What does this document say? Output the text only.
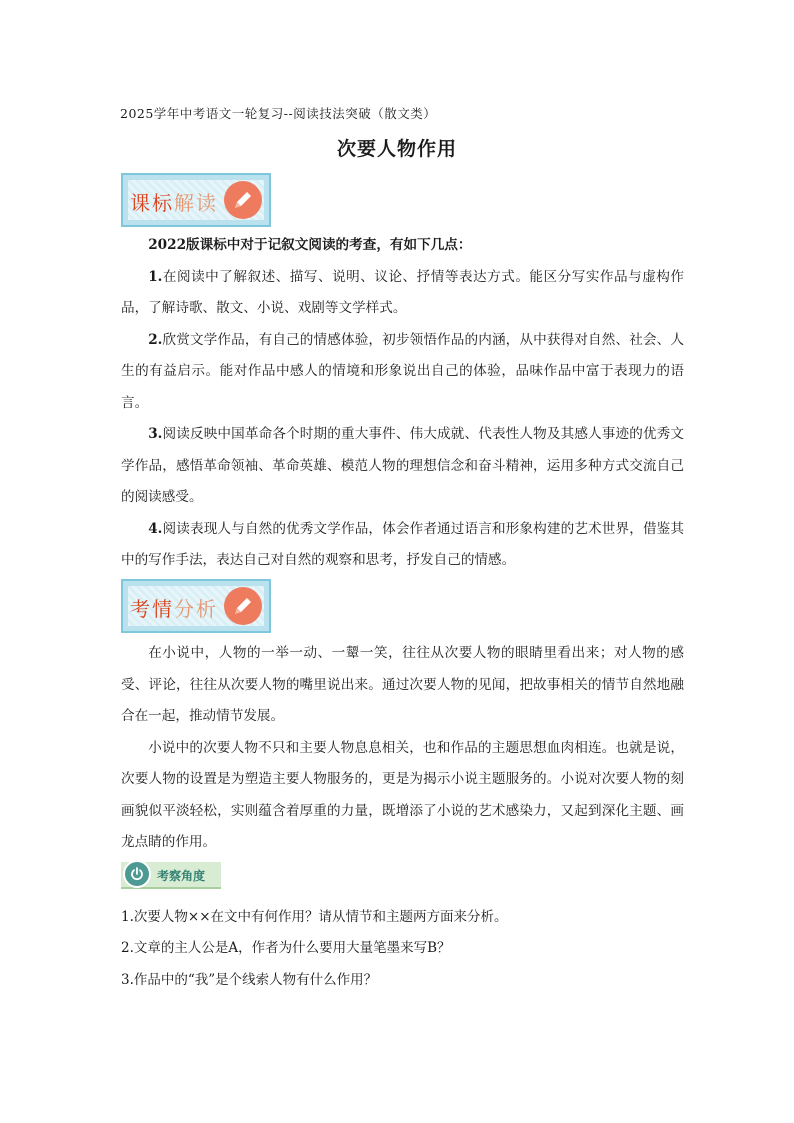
2025学年中考语文一轮复习--阅读技法突破（散文类）
次要人物作用
课标解读

2022版课标中对于记叙文阅读的考查，有如下几点：

1.在阅读中了解叙述、描写、说明、议论、抒情等表达方式。能区分写实作品与虚构作品，了解诗歌、散文、小说、戏剧等文学样式。

2.欣赏文学作品，有自己的情感体验，初步领悟作品的内涵，从中获得对自然、社会、人生的有益启示。能对作品中感人的情境和形象说出自己的体验，品味作品中富于表现力的语言。

3.阅读反映中国革命各个时期的重大事件、伟大成就、代表性人物及其感人事迹的优秀文学作品，感悟革命领袖、革命英雄、模范人物的理想信念和奋斗精神，运用多种方式交流自己的阅读感受。

4.阅读表现人与自然的优秀文学作品，体会作者通过语言和形象构建的艺术世界，借鉴其中的写作手法，表达自己对自然的观察和思考，抒发自己的情感。

考情分析

在小说中，人物的一举一动、一颦一笑，往往从次要人物的眼睛里看出来；对人物的感受、评论，往往从次要人物的嘴里说出来。通过次要人物的见闻，把故事相关的情节自然地融合在一起，推动情节发展。

小说中的次要人物不只和主要人物息息相关，也和作品的主题思想血肉相连。也就是说，次要人物的设置是为塑造主要人物服务的，更是为揭示小说主题服务的。小说对次要人物的刻画貌似平淡轻松，实则蕴含着厚重的力量，既增添了小说的艺术感染力，又起到深化主题、画龙点睛的作用。

考察角度
1.次要人物××在文中有何作用？请从情节和主题两方面来分析。
2.文章的主人公是A，作者为什么要用大量笔墨来写B？
3.作品中的“我”是个线索人物有什么作用？
